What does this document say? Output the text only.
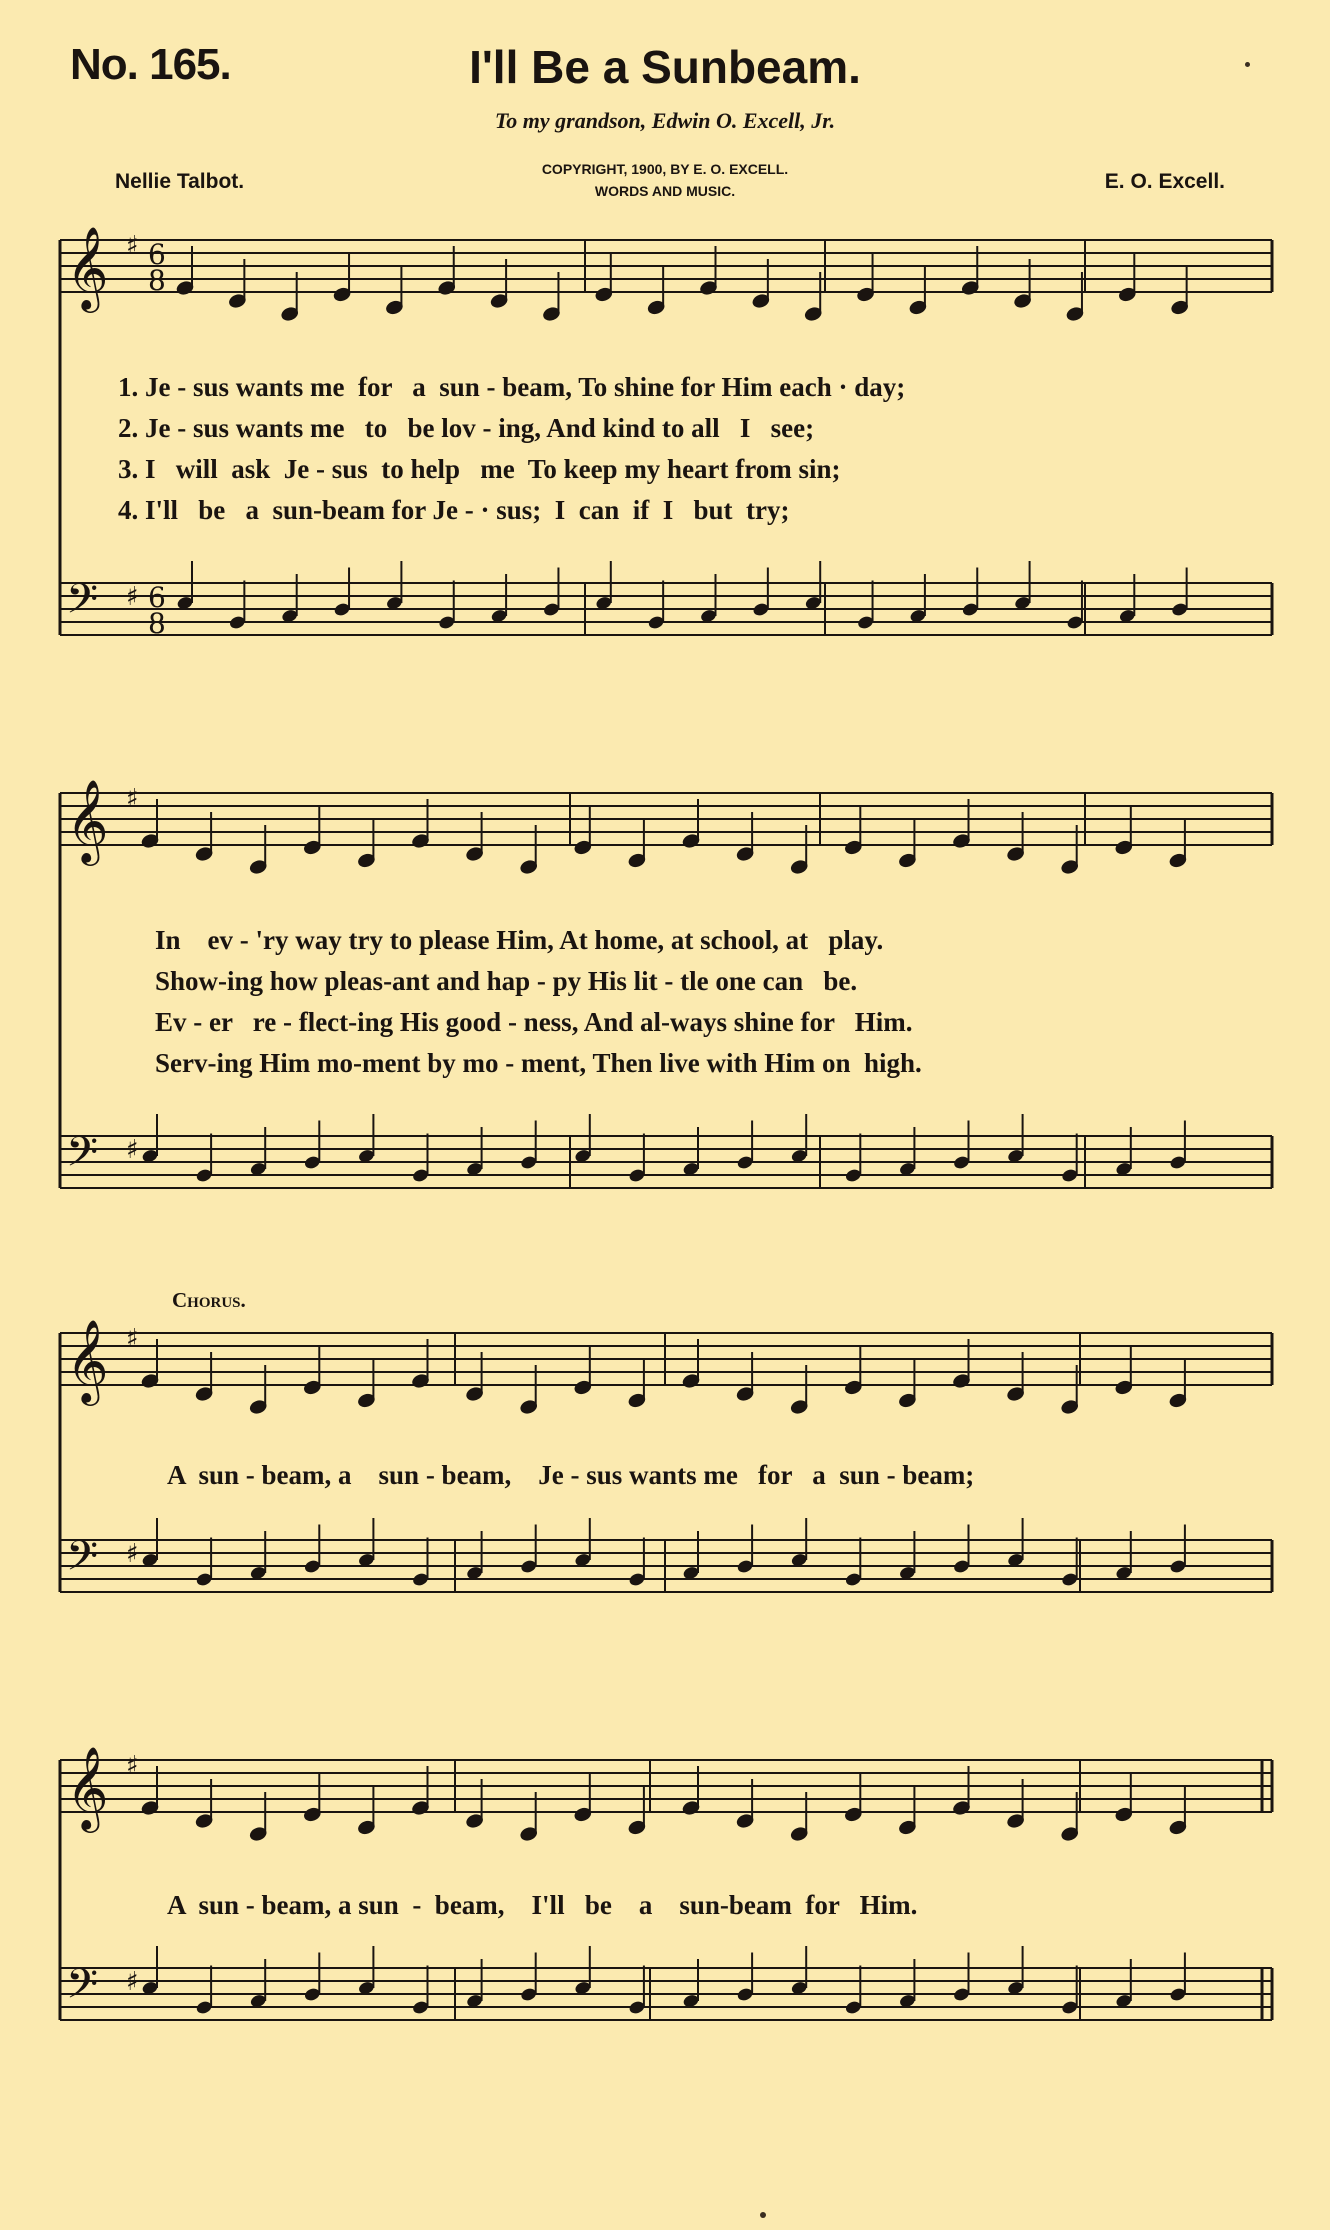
No. 165.	I'll Be a Sunbeam.
To my grandson, Edwin O. Excell, Jr.
Nellie Talbot.
COPYRIGHT, 1900, BY E. O. EXCELL.
WORDS AND MUSIC.	E. O. Excell.
𝄞
𝄢
♯
♯
6
8
6
8
𝄞
𝄢
♯
♯
𝄞
𝄢
♯
♯
𝄞
𝄢
♯
♯
1. Je - sus wants me  for   a  sun - beam, To shine for Him each · day;
2. Je - sus wants me   to   be lov - ing, And kind to all   I   see;
3. I   will  ask  Je - sus  to help   me  To keep my heart from sin;
4. I'll   be   a  sun-beam for Je - · sus;  I  can  if  I   but  try;
In    ev - 'ry way try to please Him, At home, at school, at   play.
Show-ing how pleas-ant and hap - py His lit - tle one can   be.
Ev - er   re - flect-ing His good - ness, And al-ways shine for   Him.
Serv-ing Him mo-ment by mo - ment, Then live with Him on  high.
Chorus.
A  sun - beam, a    sun - beam,    Je - sus wants me   for   a  sun - beam;
A  sun - beam, a sun  -  beam,    I'll   be    a    sun-beam  for   Him.
